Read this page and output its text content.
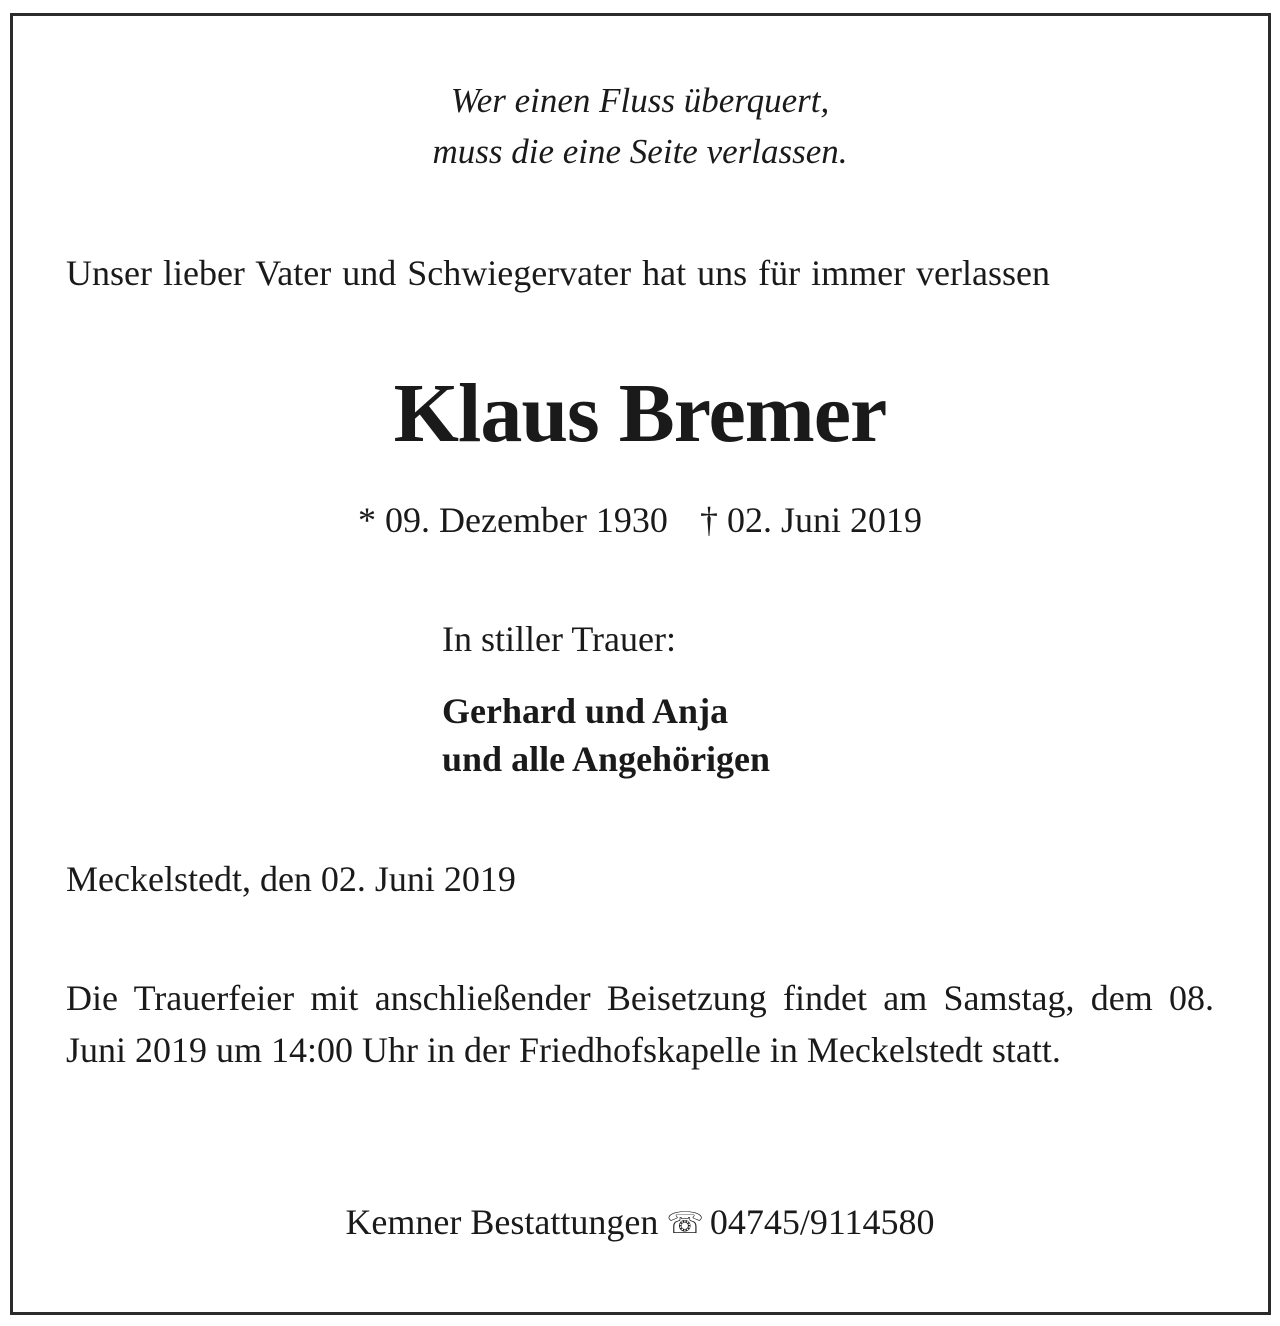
Wer einen Fluss überquert,
muss die eine Seite verlassen.
Unser lieber Vater und Schwiegervater hat uns für immer verlassen
Klaus Bremer
* 09. Dezember 1930 † 02. Juni 2019
In stiller Trauer:
Gerhard und Anja
und alle Angehörigen
Meckelstedt, den 02. Juni 2019
Die Trauerfeier mit anschließender Beisetzung findet am Samstag, dem 08. Juni 2019 um 14:00 Uhr in der Friedhofskapelle in Meckelstedt statt.
Kemner Bestattungen ☏ 04745/9114580
